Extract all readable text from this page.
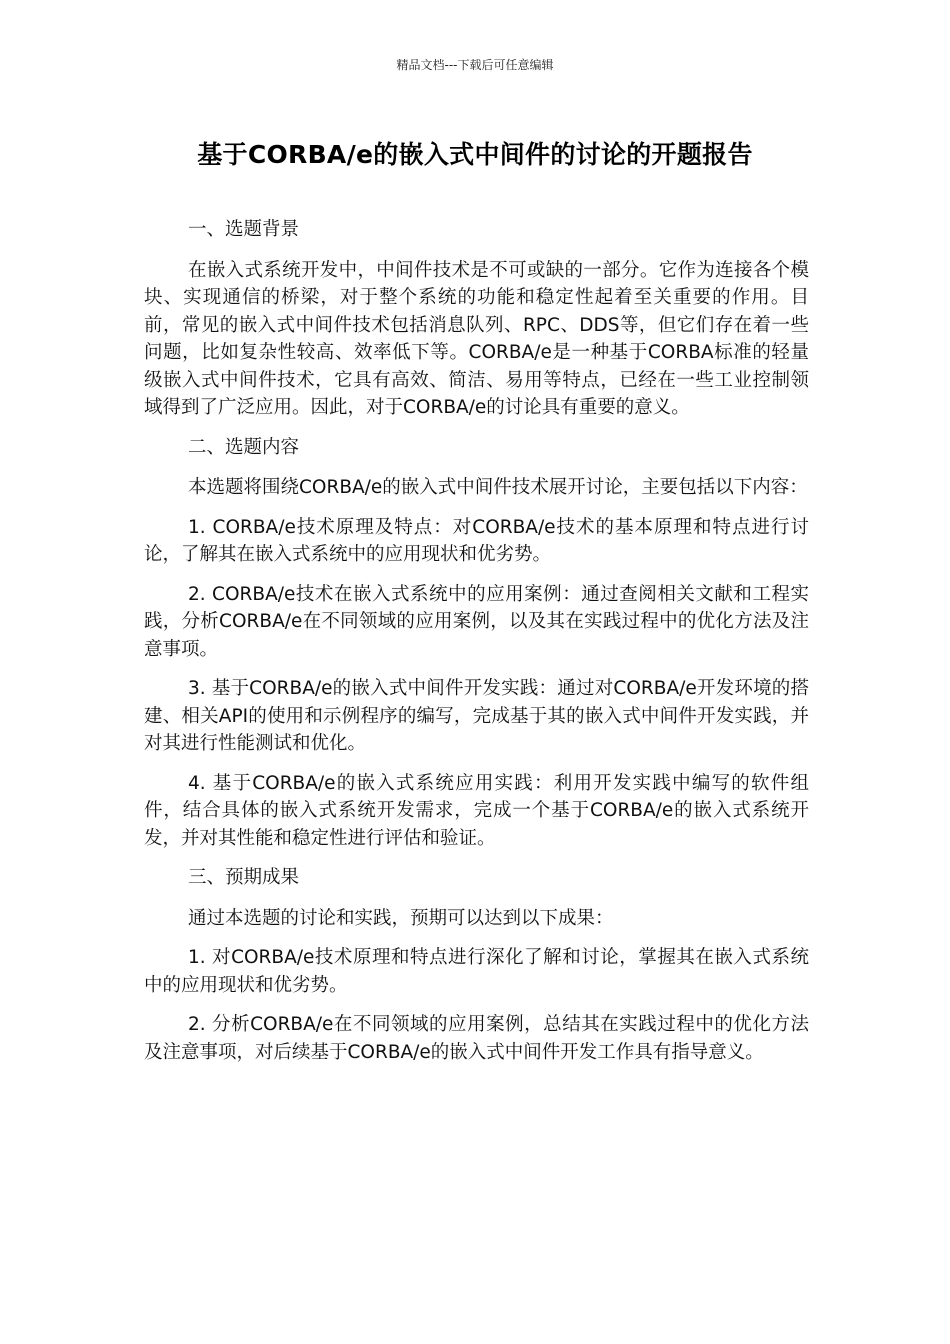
精品文档---下载后可任意编辑
基于CORBA/e的嵌入式中间件的讨论的开题报告

一、选题背景

在嵌入式系统开发中，中间件技术是不可或缺的一部分。它作为连接各个模块、实现通信的桥梁，对于整个系统的功能和稳定性起着至关重要的作用。目前，常见的嵌入式中间件技术包括消息队列、RPC、DDS等，但它们存在着一些问题，比如复杂性较高、效率低下等。CORBA/e是一种基于CORBA标准的轻量级嵌入式中间件技术，它具有高效、简洁、易用等特点，已经在一些工业控制领域得到了广泛应用。因此，对于CORBA/e的讨论具有重要的意义。

二、选题内容

本选题将围绕CORBA/e的嵌入式中间件技术展开讨论，主要包括以下内容：

1. CORBA/e技术原理及特点：对CORBA/e技术的基本原理和特点进行讨论，了解其在嵌入式系统中的应用现状和优劣势。

2. CORBA/e技术在嵌入式系统中的应用案例：通过查阅相关文献和工程实践，分析CORBA/e在不同领域的应用案例，以及其在实践过程中的优化方法及注意事项。

3. 基于CORBA/e的嵌入式中间件开发实践：通过对CORBA/e开发环境的搭建、相关API的使用和示例程序的编写，完成基于其的嵌入式中间件开发实践，并对其进行性能测试和优化。

4. 基于CORBA/e的嵌入式系统应用实践：利用开发实践中编写的软件组件，结合具体的嵌入式系统开发需求，完成一个基于CORBA/e的嵌入式系统开发，并对其性能和稳定性进行评估和验证。

三、预期成果

通过本选题的讨论和实践，预期可以达到以下成果：

1. 对CORBA/e技术原理和特点进行深化了解和讨论，掌握其在嵌入式系统中的应用现状和优劣势。

2. 分析CORBA/e在不同领域的应用案例，总结其在实践过程中的优化方法及注意事项，对后续基于CORBA/e的嵌入式中间件开发工作具有指导意义。
